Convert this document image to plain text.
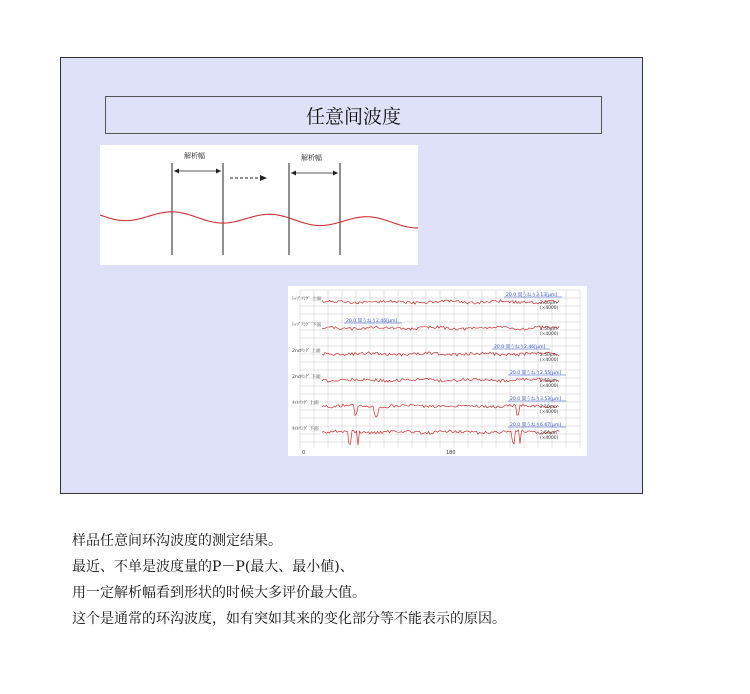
任意间波度
解析幅	解析幅
ﾄｯﾌﾟﾘﾝｸﾞ 上面
20.0 間うねり 3.13[μm]
2.50μm
(×4000)
ﾄｯﾌﾟﾘﾝｸﾞ 下面
20.0 間うねり 2.46[μm]
2.50μm
(×4000)
2ndﾘﾝｸﾞ 上面
20.0 間うねり 2.46[μm]
2.50μm
(×4000)
2ndﾘﾝｸﾞ 下面
20.0 間うねり 2.55[μm]
2.50μm
(×4000)
ｵｲﾙﾘﾝｸﾞ 上面
20.0 間うねり 3.53[μm]
2.50μm
(×4000)
ｵｲﾙﾘﾝｸﾞ 下面
20.0 間うねり 6.67[μm]
2.50μm
(×4000)
0	180
样品任意间环沟波度的测定结果。
最近、不单是波度量的P－P(最大、最小値)、
用一定解析幅看到形状的时候大多评价最大值。
这个是通常的环沟波度，如有突如其来的变化部分等不能表示的原因。
